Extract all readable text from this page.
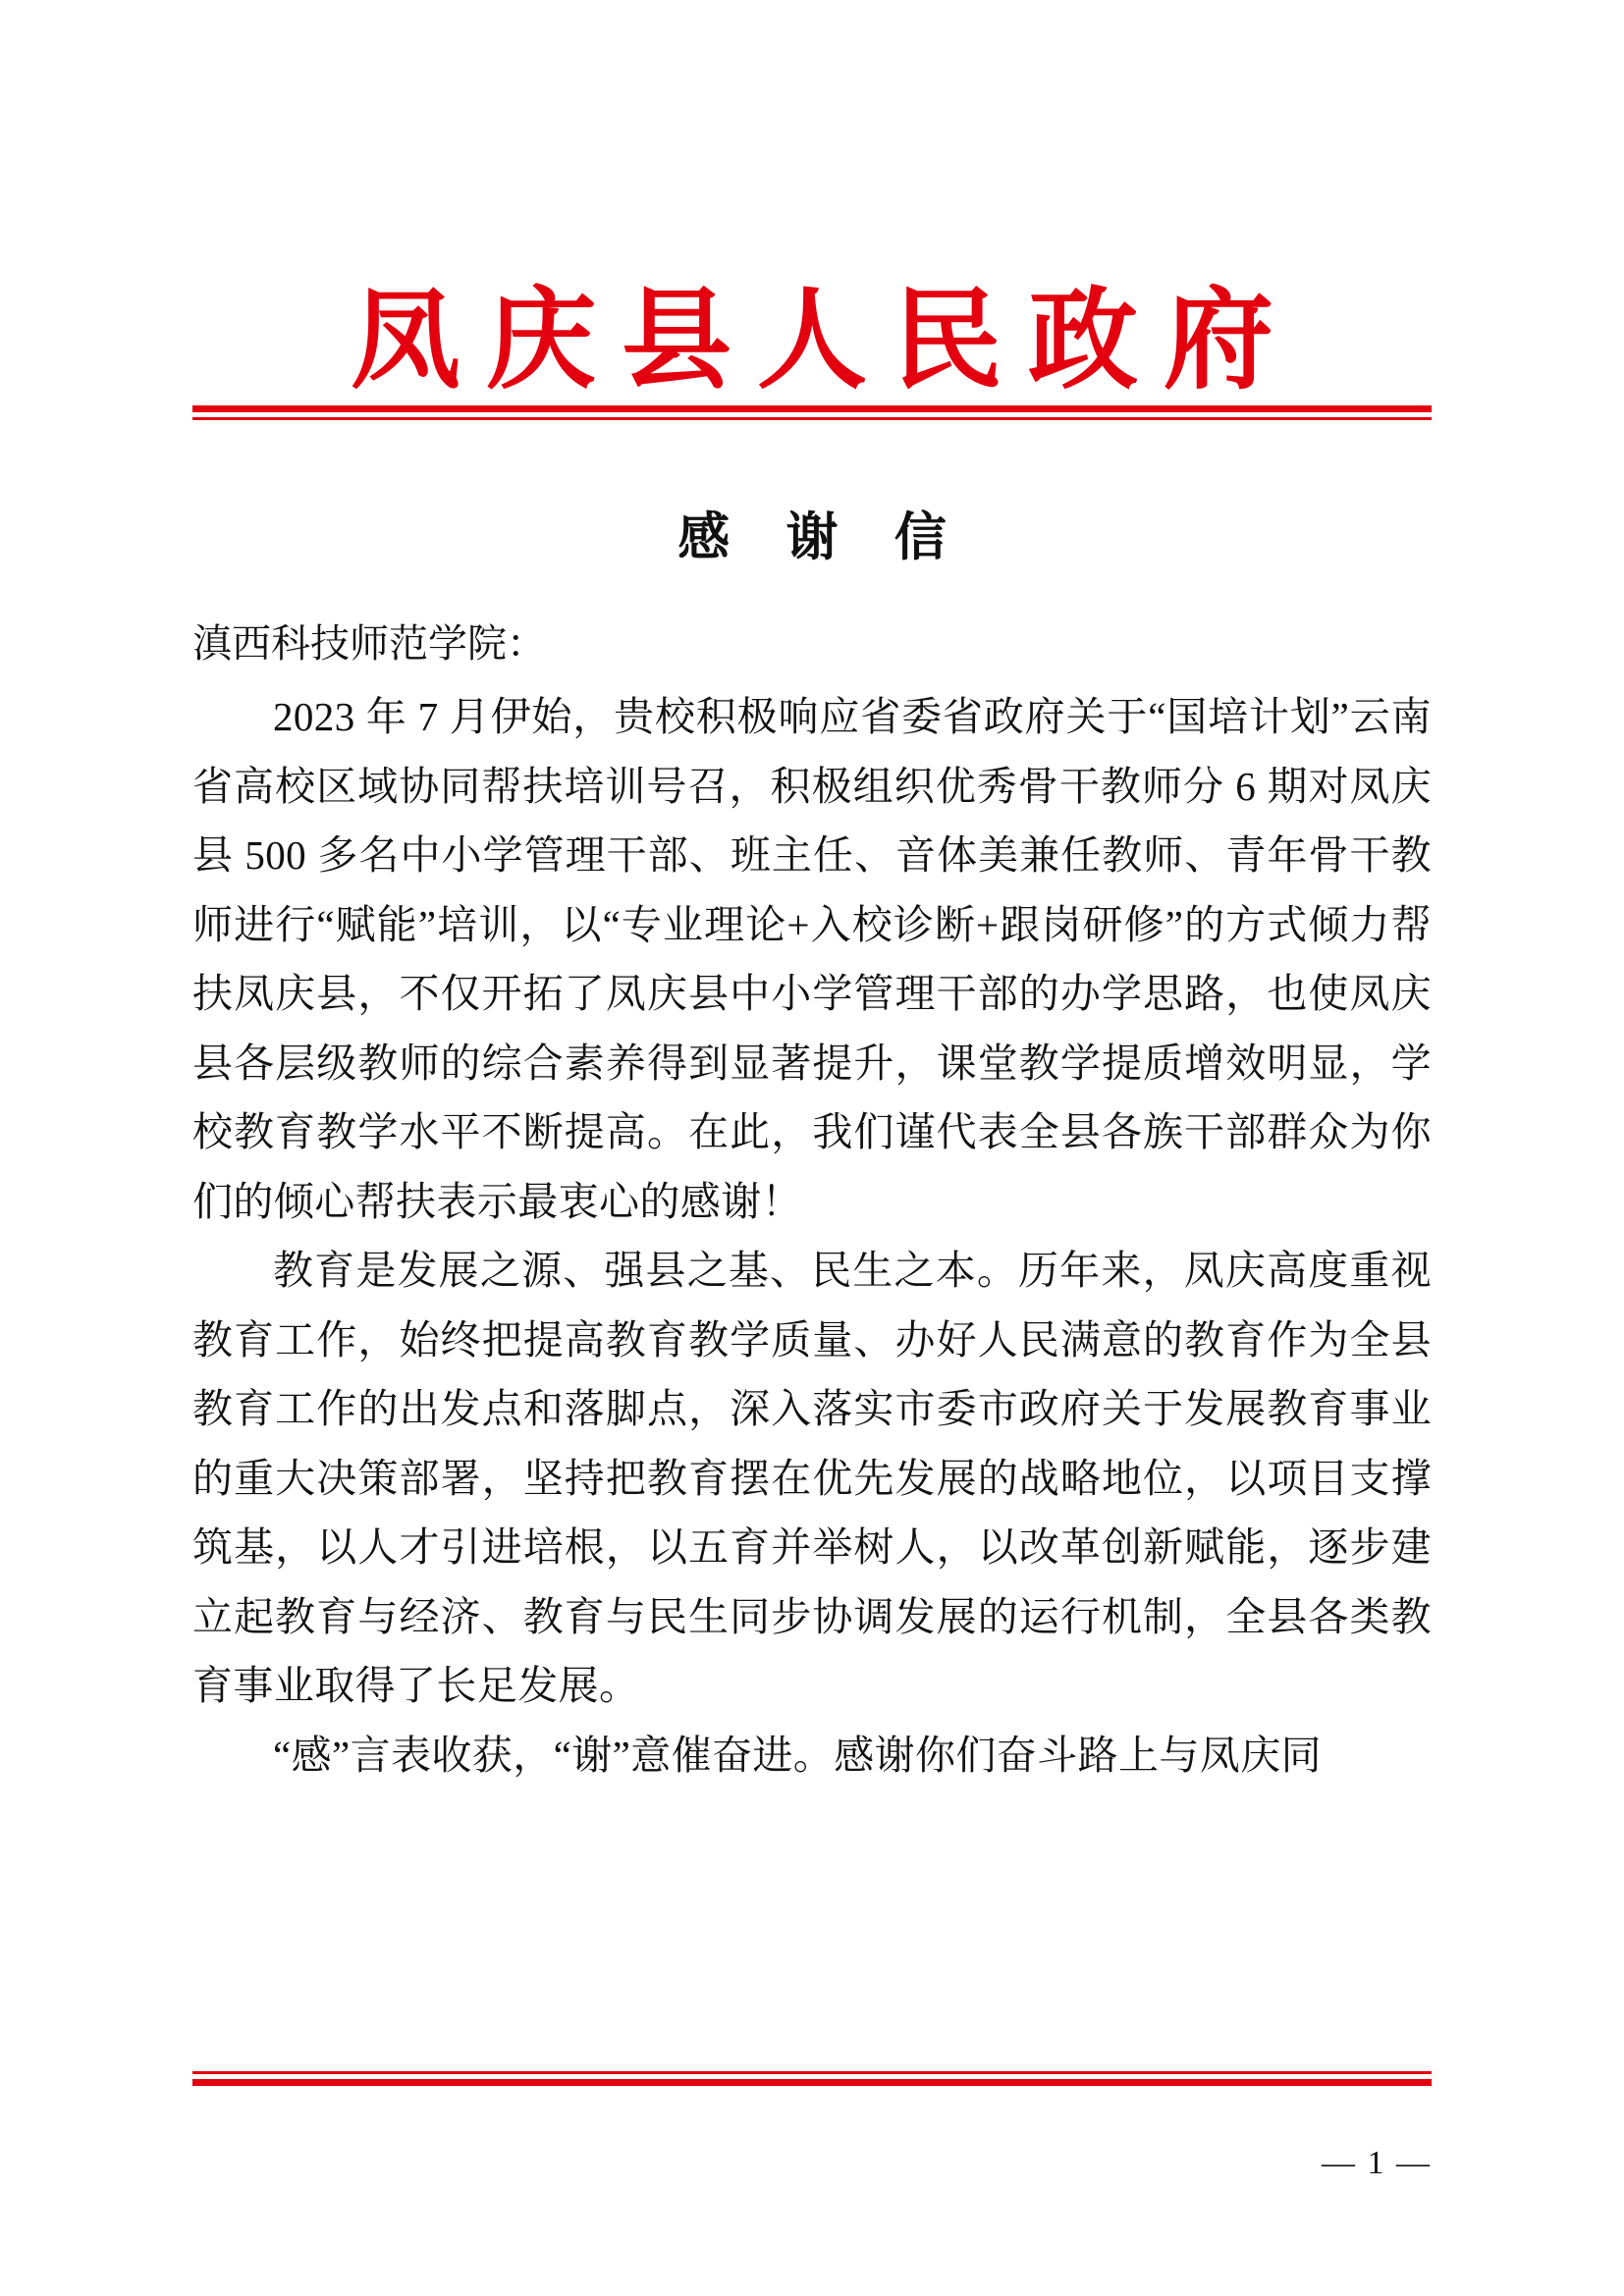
凤庆县人民政府
感 谢 信

滇西科技师范学院：

2023 年 7 月伊始，贵校积极响应省委省政府关于“国培计划”云南省高校区域协同帮扶培训号召，积极组织优秀骨干教师分 6 期对凤庆县 500 多名中小学管理干部、班主任、音体美兼任教师、青年骨干教师进行“赋能”培训，以“专业理论+入校诊断+跟岗研修”的方式倾力帮扶凤庆县，不仅开拓了凤庆县中小学管理干部的办学思路，也使凤庆县各层级教师的综合素养得到显著提升，课堂教学提质增效明显，学校教育教学水平不断提高。在此，我们谨代表全县各族干部群众为你们的倾心帮扶表示最衷心的感谢！

教育是发展之源、强县之基、民生之本。历年来，凤庆高度重视教育工作，始终把提高教育教学质量、办好人民满意的教育作为全县教育工作的出发点和落脚点，深入落实市委市政府关于发展教育事业的重大决策部署，坚持把教育摆在优先发展的战略地位，以项目支撑筑基，以人才引进培根，以五育并举树人，以改革创新赋能，逐步建立起教育与经济、教育与民生同步协调发展的运行机制，全县各类教育事业取得了长足发展。

“感”言表收获，“谢”意催奋进。感谢你们奋斗路上与凤庆同

— 1 —
